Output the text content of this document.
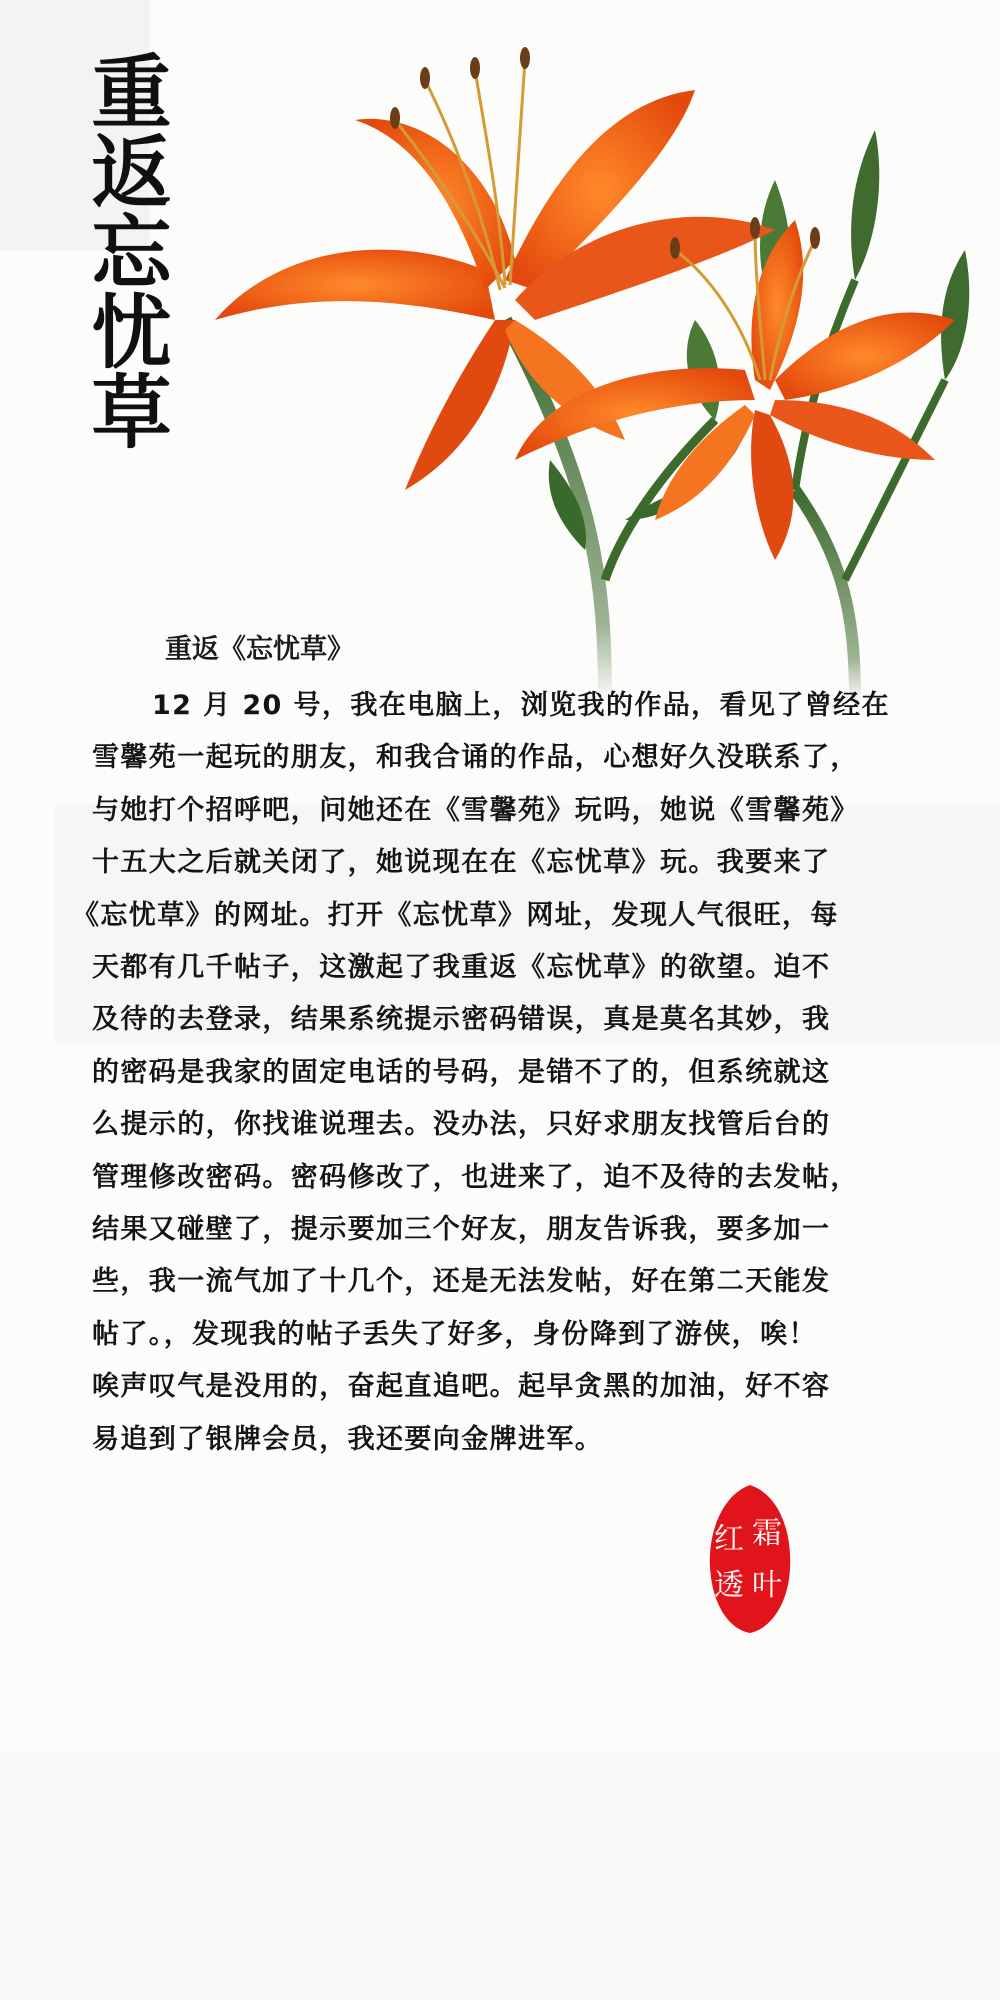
重返忘忧草
重返《忘忧草》
12 月 20 号，我在电脑上，浏览我的作品，看见了曾经在
雪馨苑一起玩的朋友，和我合诵的作品，心想好久没联系了，
与她打个招呼吧，问她还在《雪馨苑》玩吗，她说《雪馨苑》
十五大之后就关闭了，她说现在在《忘忧草》玩。我要来了
《忘忧草》的网址。打开《忘忧草》网址，发现人气很旺，每
天都有几千帖子，这激起了我重返《忘忧草》的欲望。迫不
及待的去登录，结果系统提示密码错误，真是莫名其妙，我
的密码是我家的固定电话的号码，是错不了的，但系统就这
么提示的，你找谁说理去。没办法，只好求朋友找管后台的
管理修改密码。密码修改了，也进来了，迫不及待的去发帖，
结果又碰壁了，提示要加三个好友，朋友告诉我，要多加一
些，我一流气加了十几个，还是无法发帖，好在第二天能发
帖了。，发现我的帖子丢失了好多，身份降到了游侠，唉！
唉声叹气是没用的，奋起直追吧。起早贪黑的加油，好不容
易追到了银牌会员，我还要向金牌进军。
霜
叶
红
透
